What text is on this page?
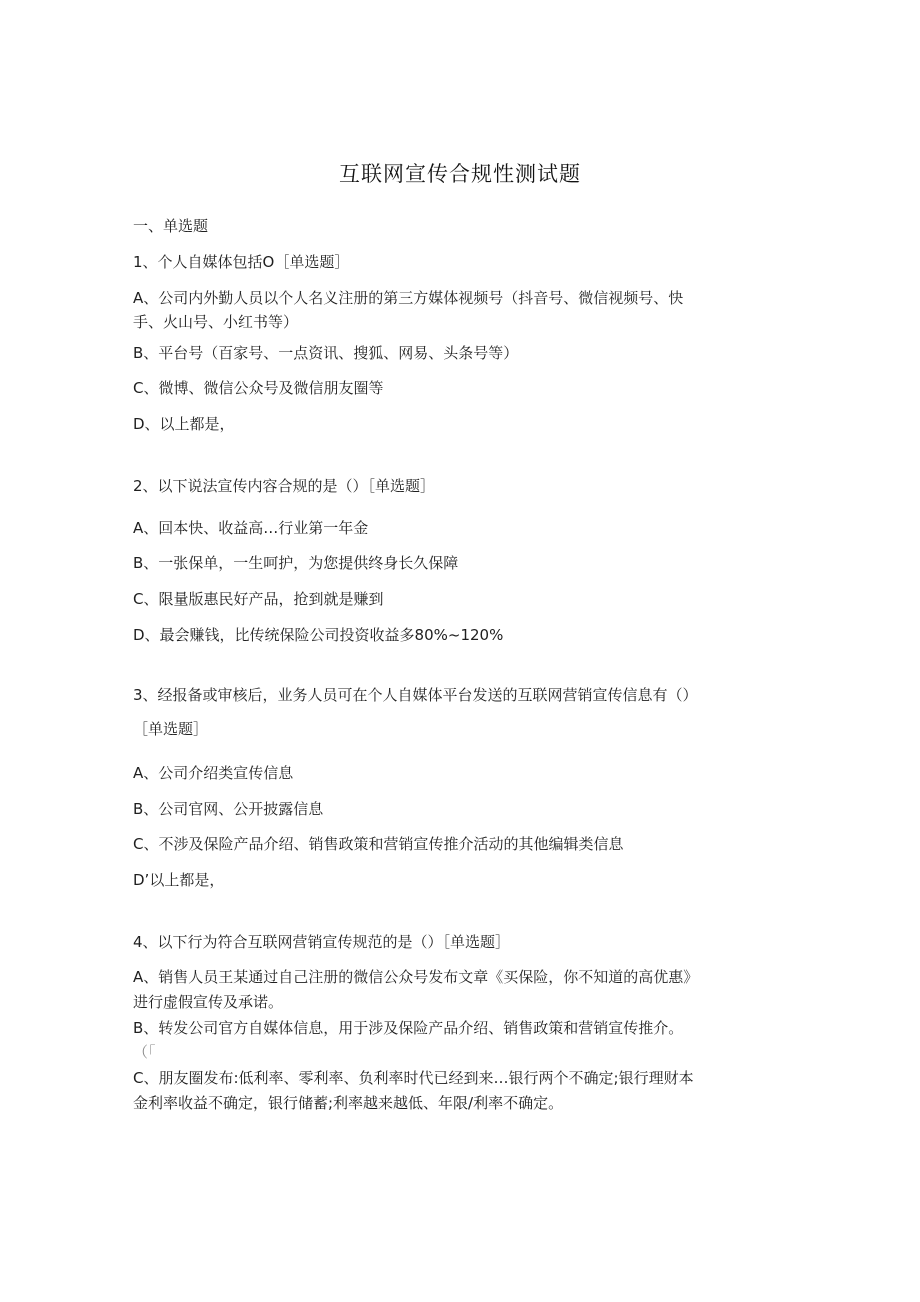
互联网宣传合规性测试题
一、单选题
1、个人自媒体包括O［单选题］
A、公司内外勤人员以个人名义注册的第三方媒体视频号（抖音号、微信视频号、快
手、火山号、小红书等）
B、平台号（百家号、一点资讯、搜狐、网易、头条号等）
C、微博、微信公众号及微信朋友圈等
D、以上都是，
2、以下说法宣传内容合规的是（）［单选题］
A、回本快、收益高…行业第一年金
B、一张保单，一生呵护，为您提供终身长久保障
C、限量版惠民好产品，抢到就是赚到
D、最会赚钱，比传统保险公司投资收益多80%~120%
3、经报备或审核后，业务人员可在个人自媒体平台发送的互联网营销宣传信息有（）
［单选题］
A、公司介绍类宣传信息
B、公司官网、公开披露信息
C、不涉及保险产品介绍、销售政策和营销宣传推介活动的其他编辑类信息
D’以上都是，
4、以下行为符合互联网营销宣传规范的是（）［单选题］
A、销售人员王某通过自己注册的微信公众号发布文章《买保险，你不知道的高优惠》
进行虚假宣传及承诺。
B、转发公司官方自媒体信息，用于涉及保险产品介绍、销售政策和营销宣传推介。
（「
C、朋友圈发布:低利率、零利率、负利率时代已经到来…银行两个不确定;银行理财本
金利率收益不确定，银行储蓄;利率越来越低、年限/利率不确定。
